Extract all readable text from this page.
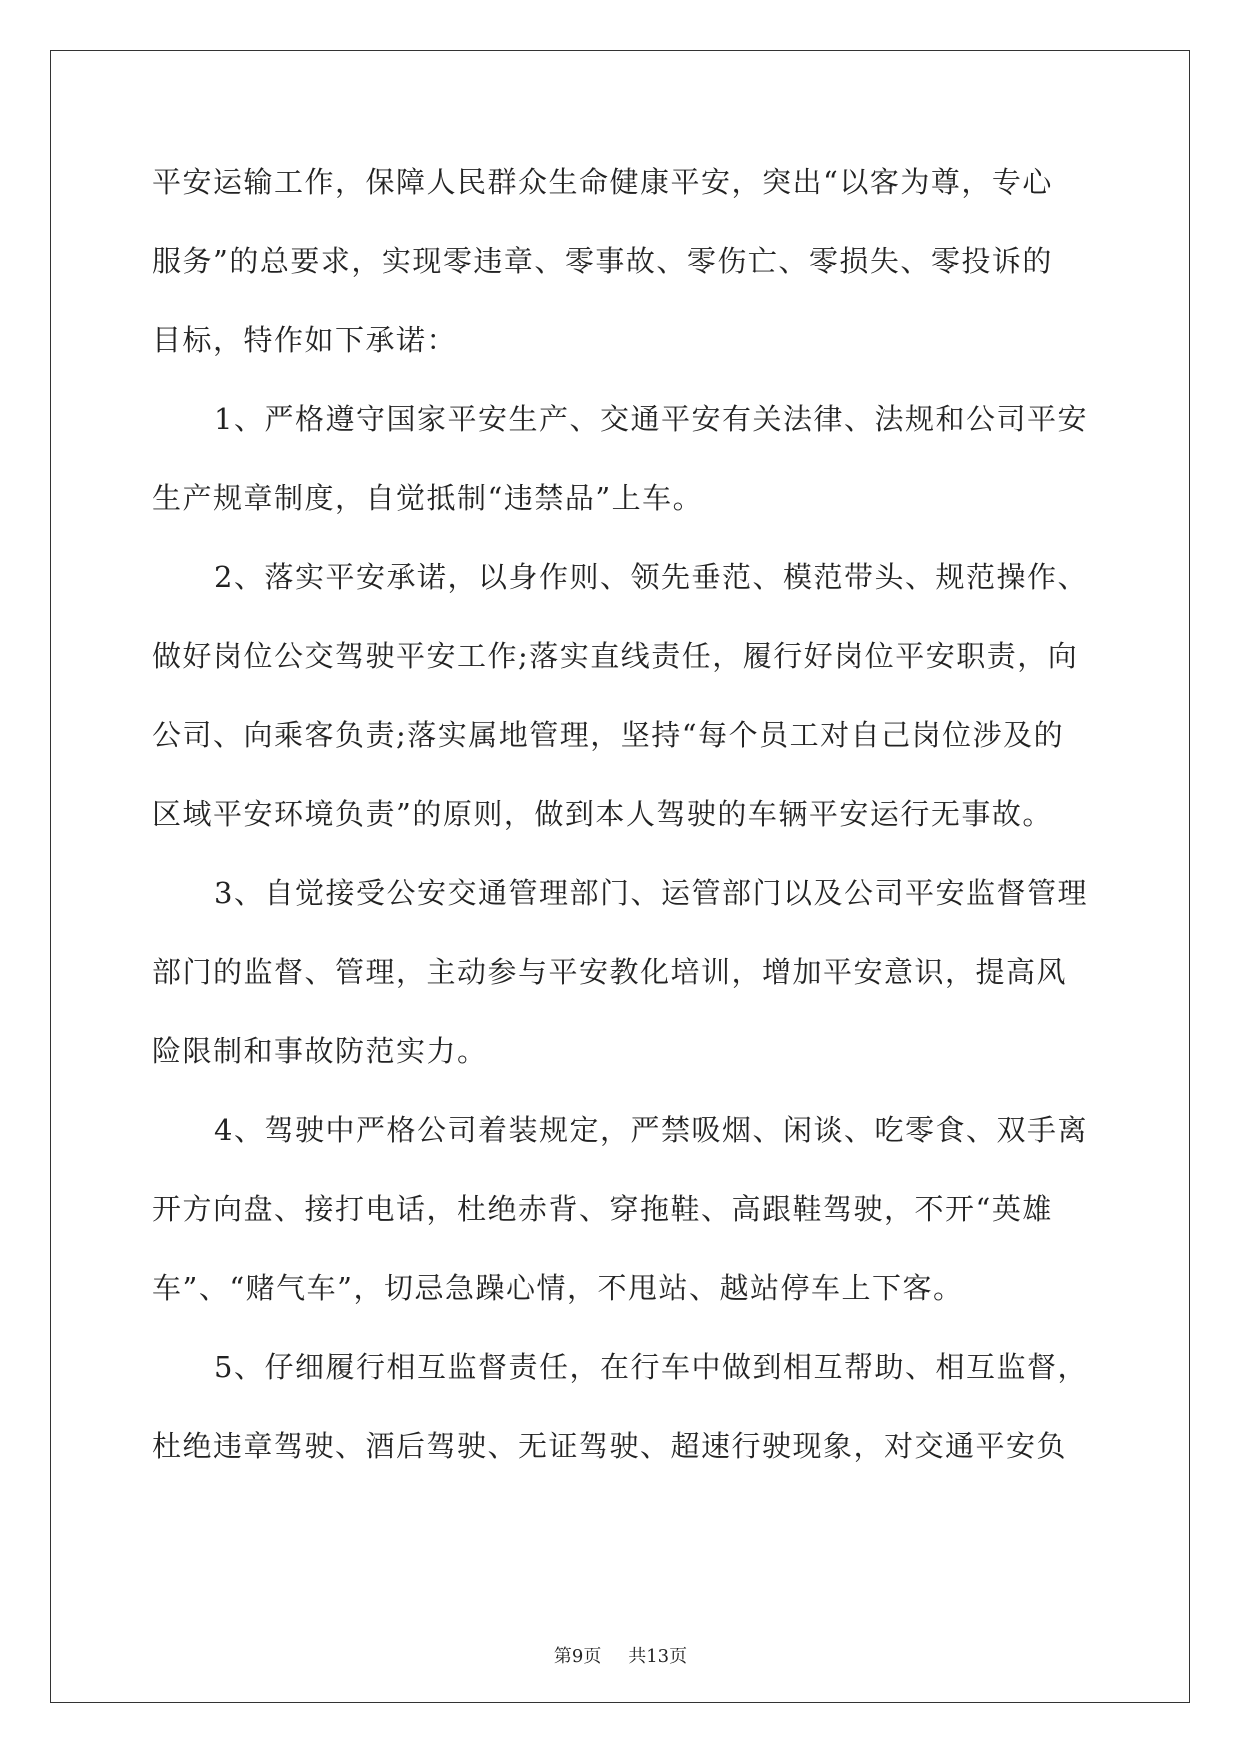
平安运输工作，保障人民群众生命健康平安，突出“以客为尊，专心
服务”的总要求，实现零违章、零事故、零伤亡、零损失、零投诉的
目标，特作如下承诺：
1、严格遵守国家平安生产、交通平安有关法律、法规和公司平安
生产规章制度，自觉抵制“违禁品”上车。
2、落实平安承诺，以身作则、领先垂范、模范带头、规范操作、
做好岗位公交驾驶平安工作;落实直线责任，履行好岗位平安职责，向
公司、向乘客负责;落实属地管理，坚持“每个员工对自己岗位涉及的
区域平安环境负责”的原则，做到本人驾驶的车辆平安运行无事故。
3、自觉接受公安交通管理部门、运管部门以及公司平安监督管理
部门的监督、管理，主动参与平安教化培训，增加平安意识，提高风
险限制和事故防范实力。
4、驾驶中严格公司着装规定，严禁吸烟、闲谈、吃零食、双手离
开方向盘、接打电话，杜绝赤背、穿拖鞋、高跟鞋驾驶，不开“英雄
车”、“赌气车”，切忌急躁心情，不甩站、越站停车上下客。
5、仔细履行相互监督责任，在行车中做到相互帮助、相互监督，
杜绝违章驾驶、酒后驾驶、无证驾驶、超速行驶现象，对交通平安负
第9页 共13页
